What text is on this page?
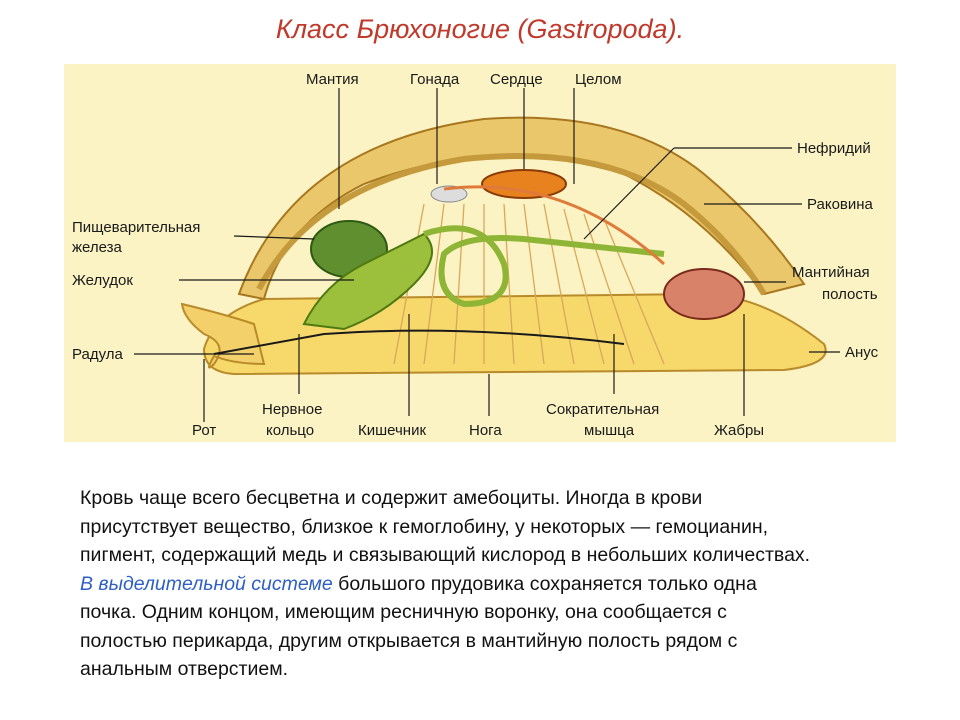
Класс Брюхоногие (Gastropoda).
Мантия	Гонада Сердце Целом
Нефридий
Раковина
Мантийная
полость
Анус
Пищеварительная
железа
Желудок
Радула
Рот
Нервное
кольцо	Кишечник	Нога
Сократительная
мышца	Жабры
Кровь чаще всего бесцветна и содержит амебоциты. Иногда в крови
присутствует вещество, близкое к гемоглобину, у некоторых — гемоцианин,
пигмент, содержащий медь и связывающий кислород в небольших количествах.
В выделительной системе большого прудовика сохраняется только одна
почка. Одним концом, имеющим ресничную воронку, она сообщается с
полостью перикарда, другим открывается в мантийную полость рядом с
анальным отверстием.
